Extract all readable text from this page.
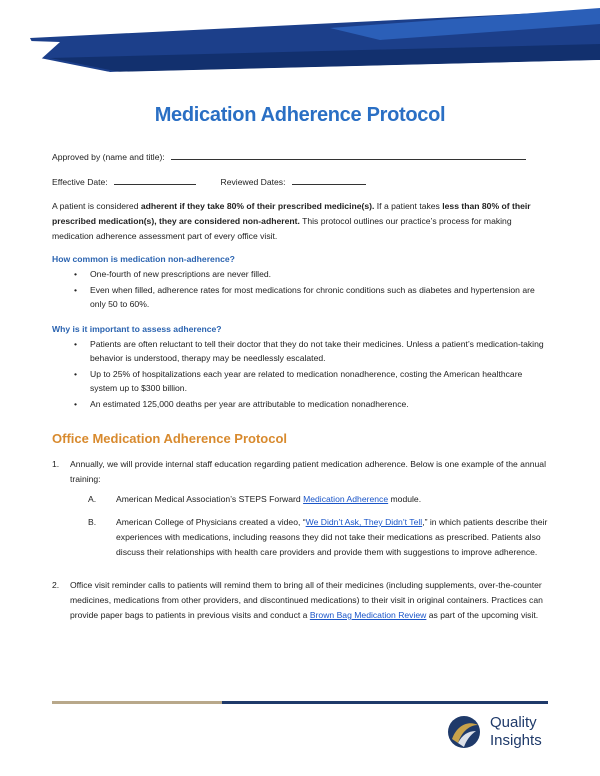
Medication Adherence Protocol
Approved by (name and title):
Effective Date:	Reviewed Dates:
A patient is considered adherent if they take 80% of their prescribed medicine(s). If a patient takes less than 80% of their prescribed medication(s), they are considered non-adherent. This protocol outlines our practice’s process for making medication adherence assessment part of every office visit.
How common is medication non-adherence?
• One-fourth of new prescriptions are never filled.
• Even when filled, adherence rates for most medications for chronic conditions such as diabetes and hypertension are only 50 to 60%.
Why is it important to assess adherence?
• Patients are often reluctant to tell their doctor that they do not take their medicines. Unless a patient’s medication-taking behavior is understood, therapy may be needlessly escalated.
• Up to 25% of hospitalizations each year are related to medication nonadherence, costing the American healthcare system up to $300 billion.
• An estimated 125,000 deaths per year are attributable to medication nonadherence.
Office Medication Adherence Protocol
1. Annually, we will provide internal staff education regarding patient medication adherence. Below is one example of the annual training:
A. American Medical Association’s STEPS Forward Medication Adherence module.
B. American College of Physicians created a video, “We Didn’t Ask, They Didn’t Tell,” in which patients describe their experiences with medications, including reasons they did not take their medications as prescribed. Patients also discuss their relationships with health care providers and provide them with suggestions to improve adherence.
2. Office visit reminder calls to patients will remind them to bring all of their medicines (including supplements, over-the-counter medicines, medications from other providers, and discontinued medications) to their visit in original containers. Practices can provide paper bags to patients in previous visits and conduct a Brown Bag Medication Review as part of the upcoming visit.
Quality
Insights
